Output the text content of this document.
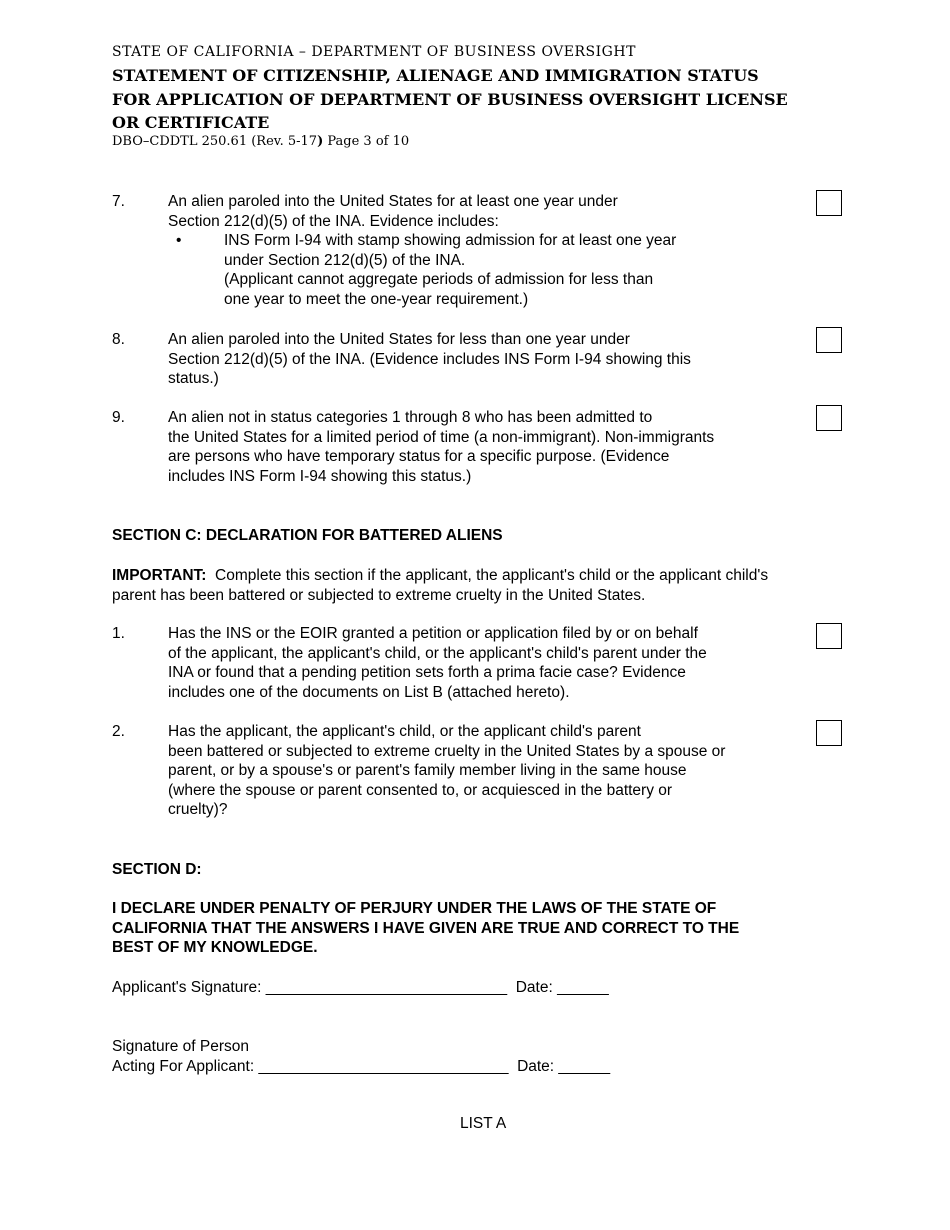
STATE OF CALIFORNIA – DEPARTMENT OF BUSINESS OVERSIGHT
STATEMENT OF CITIZENSHIP, ALIENAGE AND IMMIGRATION STATUS
FOR APPLICATION OF DEPARTMENT OF BUSINESS OVERSIGHT LICENSE
OR CERTIFICATE
DBO–CDDTL 250.61 (Rev. 5-17) Page 3 of 10
7.	An alien paroled into the United States for at least one year under
Section 212(d)(5) of the INA. Evidence includes:
•	INS Form I-94 with stamp showing admission for at least one year
under Section 212(d)(5) of the INA.
(Applicant cannot aggregate periods of admission for less than
one year to meet the one-year requirement.)
8.	An alien paroled into the United States for less than one year under
Section 212(d)(5) of the INA. (Evidence includes INS Form I-94 showing this
status.)
9.	An alien not in status categories 1 through 8 who has been admitted to
the United States for a limited period of time (a non-immigrant). Non-immigrants
are persons who have temporary status for a specific purpose. (Evidence
includes INS Form I-94 showing this status.)
SECTION C: DECLARATION FOR BATTERED ALIENS
IMPORTANT:  Complete this section if the applicant, the applicant's child or the applicant child's
parent has been battered or subjected to extreme cruelty in the United States.
1.	Has the INS or the EOIR granted a petition or application filed by or on behalf
of the applicant, the applicant's child, or the applicant's child's parent under the
INA or found that a pending petition sets forth a prima facie case? Evidence
includes one of the documents on List B (attached hereto).
2.	Has the applicant, the applicant's child, or the applicant child's parent
been battered or subjected to extreme cruelty in the United States by a spouse or
parent, or by a spouse's or parent's family member living in the same house
(where the spouse or parent consented to, or acquiesced in the battery or
cruelty)?
SECTION D:
I DECLARE UNDER PENALTY OF PERJURY UNDER THE LAWS OF THE STATE OF
CALIFORNIA THAT THE ANSWERS I HAVE GIVEN ARE TRUE AND CORRECT TO THE
BEST OF MY KNOWLEDGE.
Applicant's Signature: ____________________________  Date: ______
Signature of Person
Acting For Applicant: _____________________________  Date: ______
LIST A
